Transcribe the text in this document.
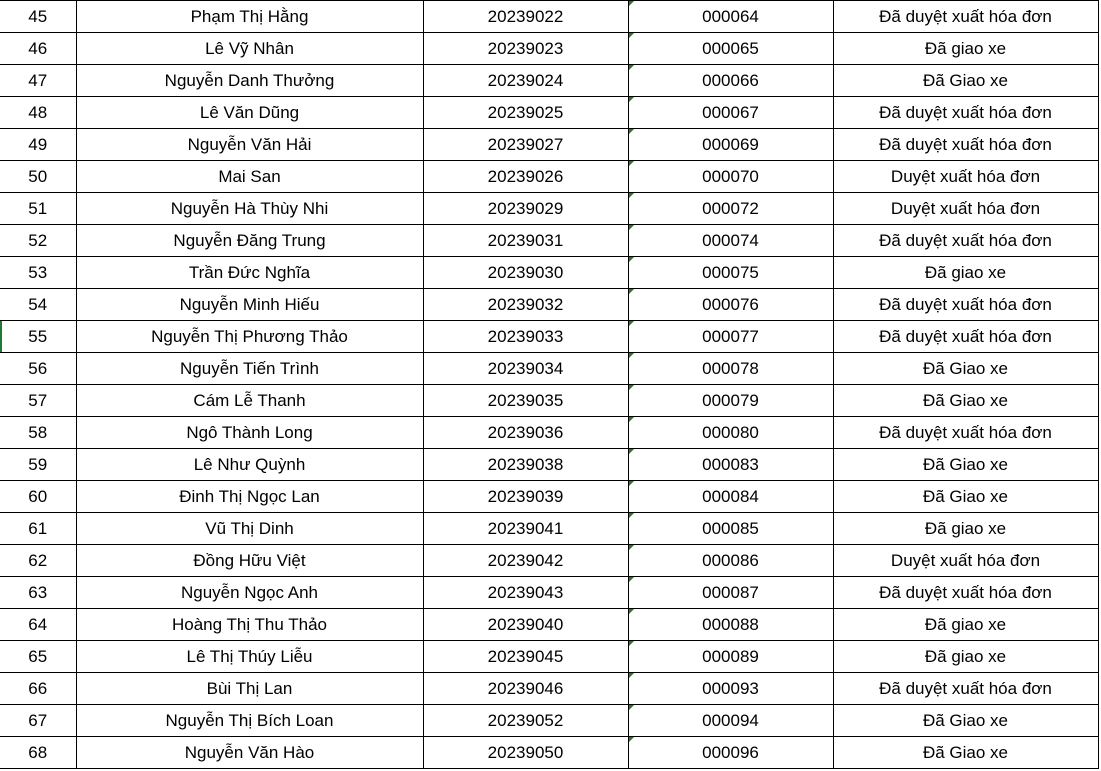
45	Phạm Thị Hằng	20239022	000064	Đã duyệt xuất hóa đơn
46	Lê Vỹ Nhân	20239023	000065	Đã giao xe
47	Nguyễn Danh Thưởng	20239024	000066	Đã Giao xe
48	Lê Văn Dũng	20239025	000067	Đã duyệt xuất hóa đơn
49	Nguyễn Văn Hải	20239027	000069	Đã duyệt xuất hóa đơn
50	Mai San	20239026	000070	Duyệt xuất hóa đơn
51	Nguyễn Hà Thùy Nhi	20239029	000072	Duyệt xuất hóa đơn
52	Nguyễn Đăng Trung	20239031	000074	Đã duyệt xuất hóa đơn
53	Trần Đức Nghĩa	20239030	000075	Đã giao xe
54	Nguyễn Minh Hiếu	20239032	000076	Đã duyệt xuất hóa đơn
55	Nguyễn Thị Phương Thảo	20239033	000077	Đã duyệt xuất hóa đơn
56	Nguyễn Tiến Trình	20239034	000078	Đã Giao xe
57	Cám Lễ Thanh	20239035	000079	Đã Giao xe
58	Ngô Thành Long	20239036	000080	Đã duyệt xuất hóa đơn
59	Lê Như Quỳnh	20239038	000083	Đã Giao xe
60	Đinh Thị Ngọc Lan	20239039	000084	Đã Giao xe
61	Vũ Thị Dinh	20239041	000085	Đã giao xe
62	Đồng Hữu Việt	20239042	000086	Duyệt xuất hóa đơn
63	Nguyễn Ngọc Anh	20239043	000087	Đã duyệt xuất hóa đơn
64	Hoàng Thị Thu Thảo	20239040	000088	Đã giao xe
65	Lê Thị Thúy Liễu	20239045	000089	Đã giao xe
66	Bùi Thị Lan	20239046	000093	Đã duyệt xuất hóa đơn
67	Nguyễn Thị Bích Loan	20239052	000094	Đã Giao xe
68	Nguyễn Văn Hào	20239050	000096	Đã Giao xe
